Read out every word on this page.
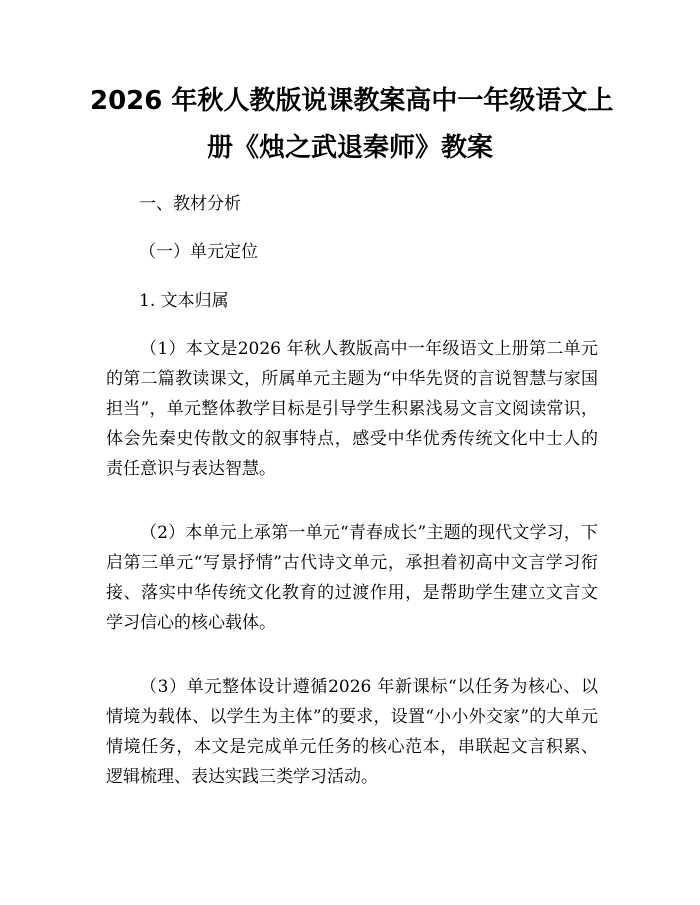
2026 年秋人教版说课教案高中一年级语文上
册《烛之武退秦师》教案
一、教材分析
（一）单元定位
1. 文本归属

（1）本文是2026 年秋人教版高中一年级语文上册第二单元的第二篇教读课文，所属单元主题为“中华先贤的言说智慧与家国担当”，单元整体教学目标是引导学生积累浅易文言文阅读常识，体会先秦史传散文的叙事特点，感受中华优秀传统文化中士人的责任意识与表达智慧。

（2）本单元上承第一单元“青春成长”主题的现代文学习，下启第三单元“写景抒情”古代诗文单元，承担着初高中文言学习衔接、落实中华传统文化教育的过渡作用，是帮助学生建立文言文学习信心的核心载体。

（3）单元整体设计遵循2026 年新课标“以任务为核心、以情境为载体、以学生为主体”的要求，设置“小小外交家”的大单元情境任务，本文是完成单元任务的核心范本，串联起文言积累、逻辑梳理、表达实践三类学习活动。
